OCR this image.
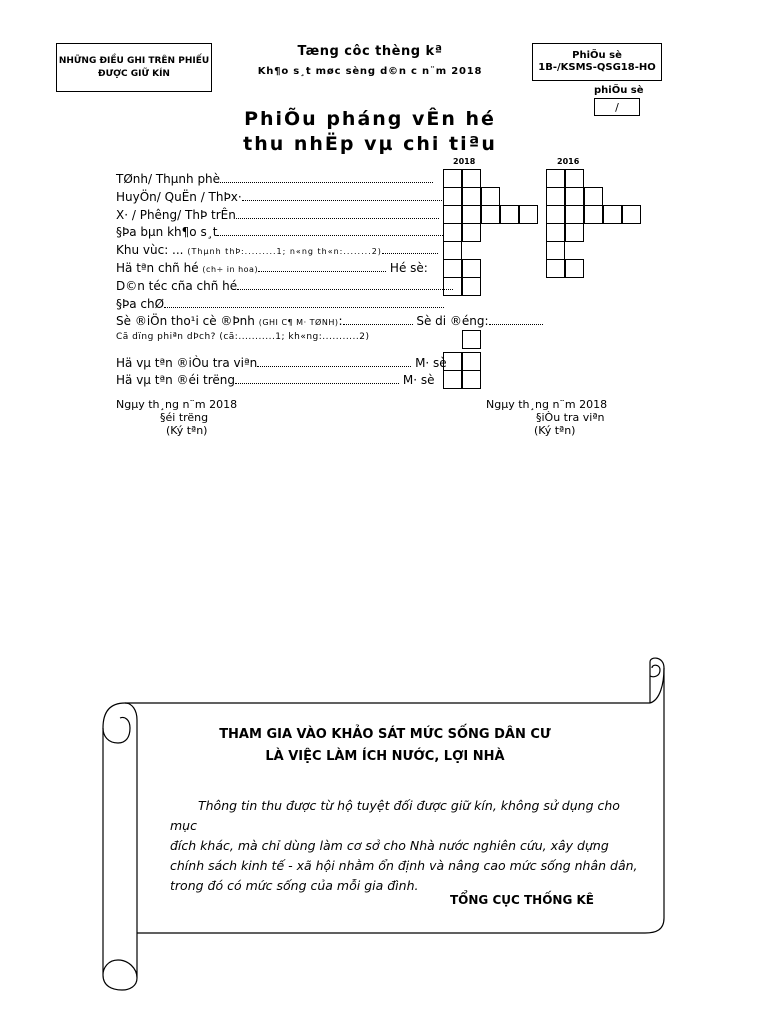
NHỮNG ĐIỀU GHI TRÊN PHIẾU
ĐƯỢC GIỮ KÍN
Tæng côc thèng kª
Kh¶o s¸t møc sèng d©n c n¨m 2018
PhiÕu sè
1B-/KSMS-QSG18-HO
phiÕu sè
/
PhiÕu pháng vÊn hé
thu nhËp vµ chi tiªu
2018	2016
TØnh/ Thµnh phè
HuyÖn/ QuËn / ThÞx·
X· / Phêng/ ThÞ trÊn
§Þa bµn kh¶o s¸t
Khu vùc: ... (Thµnh thÞ:.........1; n«ng th«n:........2)
Hä tªn chñ hé (ch÷ in hoa)	Hé sè:
D©n téc cña chñ hé
§Þa chØ
Sè ®iÖn tho¹i cè ®Þnh (GHI C¶ M· TØNH):	Sè di ®éng:
Cã dïng phiªn dÞch? (cã:...........1; kh«ng:...........2)
Hä vµ tªn ®iÒu tra viªn	M· sè
Hä vµ tªn ®éi trëng	M· sè
Ngµy th¸ng n¨m 2018
§éi trëng
(Ký tªn)
Ngµy th¸ng n¨m 2018
§iÒu tra viªn
(Ký tªn)
THAM GIA VÀO KHẢO SÁT MỨC SỐNG DÂN CƯ
LÀ VIỆC LÀM ÍCH NƯỚC, LỢI NHÀ
Thông tin thu được từ hộ tuyệt đối được giữ kín, không sử dụng cho mục
đích khác, mà chỉ dùng làm cơ sở cho Nhà nước nghiên cứu, xây dựng
chính sách kinh tế - xã hội nhằm ổn định và nâng cao mức sống nhân dân,
trong đó có mức sống của mỗi gia đình.
TỔNG CỤC THỐNG KÊ
